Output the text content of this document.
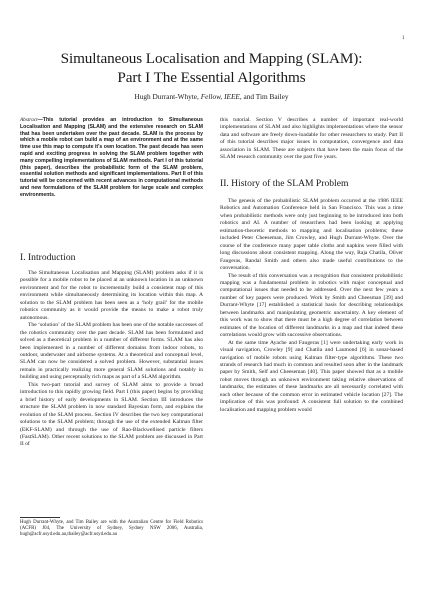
1
Simultaneous Localisation and Mapping (SLAM):
Part I The Essential Algorithms
Hugh Durrant-Whyte, Fellow, IEEE, and Tim Bailey
Abstract—This tutorial provides an introduction to Simultaneous Localisation and Mapping (SLAM) and the extensive research on SLAM that has been undertaken over the past decade. SLAM is the process by which a mobile robot can build a map of an environment and at the same time use this map to compute it's own location. The past decade has seen rapid and exciting progress in solving the SLAM problem together with many compelling implementations of SLAM methods. Part I of this tutorial (this paper), describes the probabilistic form of the SLAM problem, essential solution methods and significant implementations. Part II of this tutorial will be concerned with recent advances in computational methods and new formulations of the SLAM problem for large scale and complex environments.
I. Introduction

The Simultaneous Localisation and Mapping (SLAM) problem asks if it is possible for a mobile robot to be placed at an unknown location in an unknown environment and for the robot to incrementally build a consistent map of this environment while simultaneously determining its location within this map. A solution to the SLAM problem has been seen as a ‘holy grail’ for the mobile robotics community as it would provide the means to make a robot truly autonomous.

The ‘solution’ of the SLAM problem has been one of the notable successes of the robotics community over the past decade. SLAM has been formulated and solved as a theoretical problem in a number of different forms. SLAM has also been implemented in a number of different domains from indoor robots, to outdoor, underwater and airborne systems. At a theoretical and conceptual level, SLAM can now be considered a solved problem. However, substantial issues remain in practically realizing more general SLAM solutions and notably in building and using perceptually rich maps as part of a SLAM algorithm.

This two-part tutorial and survey of SLAM aims to provide a broad introduction to this rapidly growing field. Part I (this paper) begins by providing a brief history of early developments in SLAM. Section III introduces the structure the SLAM problem in now standard Bayesian form, and explains the evolution of the SLAM process. Section IV describes the two key computational solutions to the SLAM problem; through the use of the extended Kalman filter (EKF-SLAM) and through the use of Rao-Blackwellised particle filters (FastSLAM). Other recent solutions to the SLAM problem are discussed in Part II of

Hugh Durrant-Whyte, and Tim Bailey are with the Australian Centre for Field Robotics (ACFR) J04, The University of Sydney, Sydney NSW 2006, Australia, hugh@acfr.usyd.edu.au,tbailey@acfr.usyd.edu.au

this tutorial. Section V describes a number of important real-world implementations of SLAM and also highlights implementations where the sensor data and software are freely down-loadable for other researchers to study. Part II of this tutorial describes major issues in computation, convergence and data association in SLAM. These are subjects that have been the main focus of the SLAM research community over the past five years.

II. History of the SLAM Problem

The genesis of the probabilistic SLAM problem occurred at the 1986 IEEE Robotics and Automation Conference held in San Francisco. This was a time when probabilistic methods were only just beginning to be introduced into both robotics and AI. A number of researchers had been looking at applying estimation-theoretic methods to mapping and localisation problems; these included Peter Cheeseman, Jim Crowley, and Hugh Durrant-Whyte. Over the course of the conference many paper table cloths and napkins were filled with long discussions about consistent mapping. Along the way, Raja Chatila, Oliver Faugeras, Randal Smith and others also made useful contributions to the conversation.

The result of this conversation was a recognition that consistent probabilistic mapping was a fundamental problem in robotics with major conceptual and computational issues that needed to be addressed. Over the next few years a number of key papers were produced. Work by Smith and Cheesman [39] and Durrant-Whyte [17] established a statistical basis for describing relationships between landmarks and manipulating geometric uncertainty. A key element of this work was to show that there must be a high degree of correlation between estimates of the location of different landmarks in a map and that indeed these correlations would grow with successive observations.

At the same time Ayache and Faugeras [1] were undertaking early work in visual navigation, Crowley [9] and Chatila and Laumond [6] in sonar-based navigation of mobile robots using Kalman filter-type algorithms. These two strands of research had much in common and resulted soon after in the landmark paper by Smith, Self and Cheeseman [40]. This paper showed that as a mobile robot moves through an unknown environment taking relative observations of landmarks, the estimates of these landmarks are all necessarily correlated with each other because of the common error in estimated vehicle location [27]. The implication of this was profound: A consistent full solution to the combined localisation and mapping problem would
